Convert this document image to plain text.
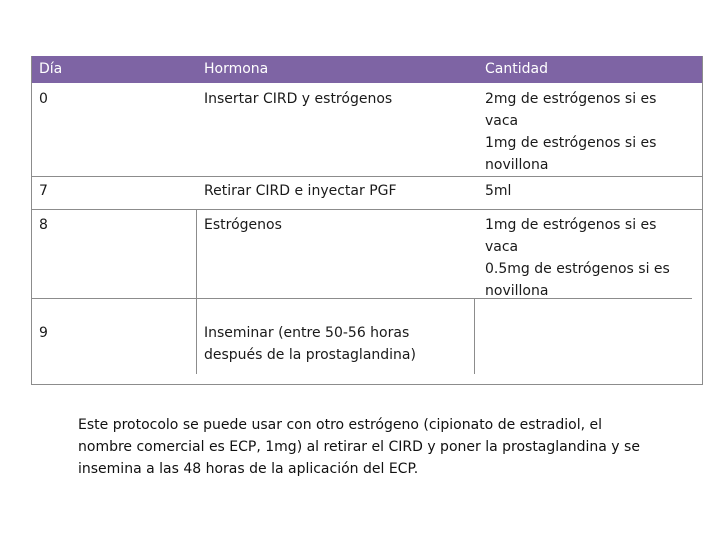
Día	Hormona	Cantidad
0	Insertar CIRD y estrógenos	2mg de estrógenos si es
vaca
1mg de estrógenos si es
novillona
7	Retirar CIRD e inyectar PGF	5ml
8	Estrógenos	1mg de estrógenos si es
vaca
0.5mg de estrógenos si es
novillona
9	Inseminar (entre 50-56 horas
después de la prostaglandina)
Este protocolo se puede usar con otro estrógeno (cipionato de estradiol, el
nombre comercial es ECP, 1mg) al retirar el CIRD y poner la prostaglandina y se
insemina a las 48 horas de la aplicación del ECP.
